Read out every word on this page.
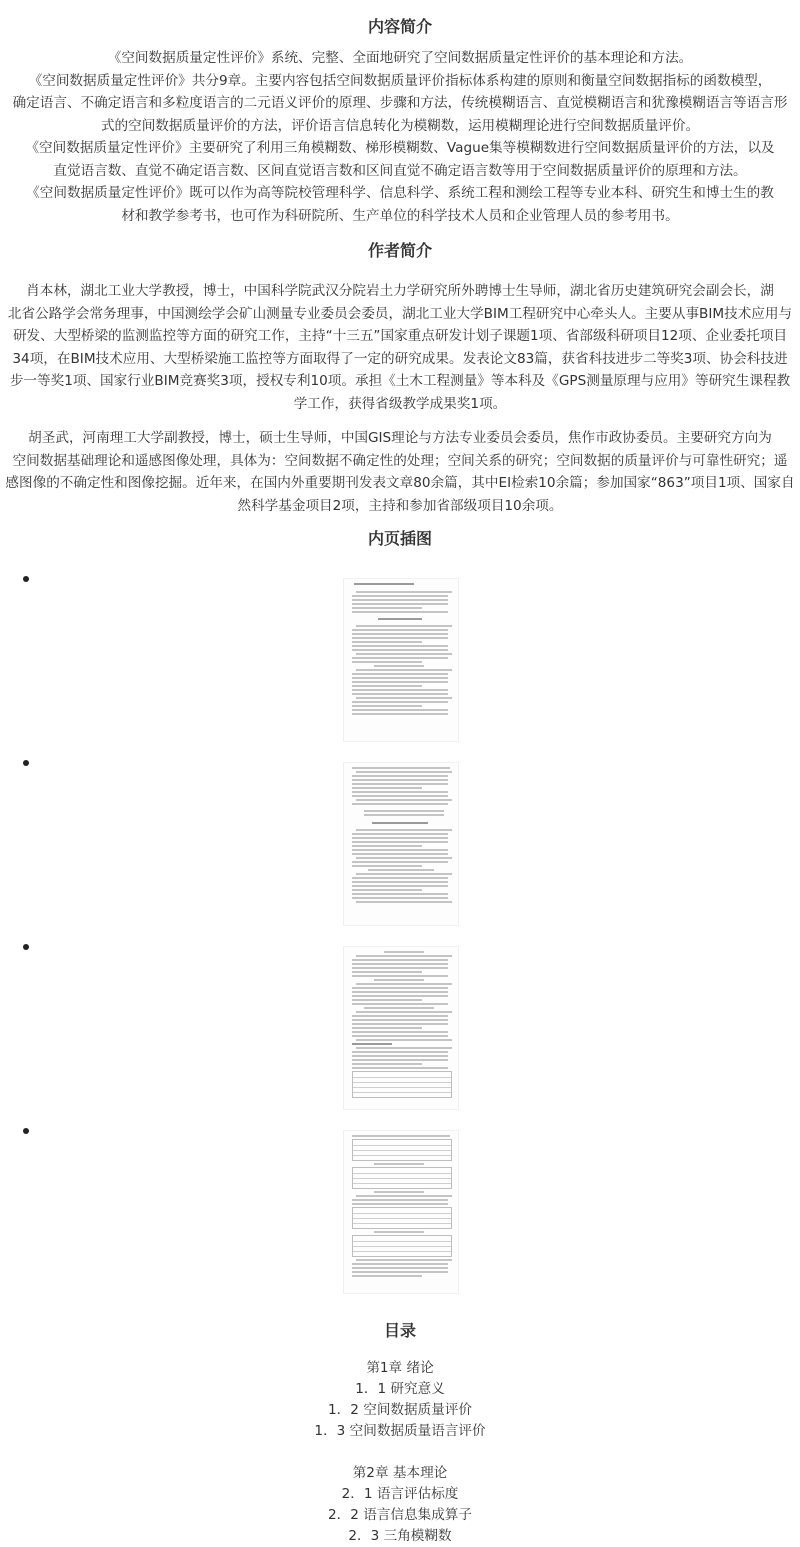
内容简介
《空间数据质量定性评价》系统、完整、全面地研究了空间数据质量定性评价的基本理论和方法。
《空间数据质量定性评价》共分9章。主要内容包括空间数据质量评价指标体系构建的原则和衡量空间数据指标的函数模型，
确定语言、不确定语言和多粒度语言的二元语义评价的原理、步骤和方法，传统模糊语言、直觉模糊语言和犹豫模糊语言等语言形
式的空间数据质量评价的方法，评价语言信息转化为模糊数，运用模糊理论进行空间数据质量评价。
《空间数据质量定性评价》主要研究了利用三角模糊数、梯形模糊数、Vague集等模糊数进行空间数据质量评价的方法，以及
直觉语言数、直觉不确定语言数、区间直觉语言数和区间直觉不确定语言数等用于空间数据质量评价的原理和方法。
《空间数据质量定性评价》既可以作为高等院校管理科学、信息科学、系统工程和测绘工程等专业本科、研究生和博士生的教
材和教学参考书，也可作为科研院所、生产单位的科学技术人员和企业管理人员的参考用书。
作者简介
肖本林，湖北工业大学教授，博士，中国科学院武汉分院岩土力学研究所外聘博士生导师，湖北省历史建筑研究会副会长，湖
北省公路学会常务理事，中国测绘学会矿山测量专业委员会委员，湖北工业大学BIM工程研究中心牵头人。主要从事BIM技术应用与
研发、大型桥梁的监测监控等方面的研究工作，主持“十三五”国家重点研发计划子课题1项、省部级科研项目12项、企业委托项目
34项，在BIM技术应用、大型桥梁施工监控等方面取得了一定的研究成果。发表论文83篇，获省科技进步二等奖3项、协会科技进
步一等奖1项、国家行业BIM竞赛奖3项，授权专利10项。承担《土木工程测量》等本科及《GPS测量原理与应用》等研究生课程教
学工作，获得省级教学成果奖1项。
胡圣武，河南理工大学副教授，博士，硕士生导师，中国GIS理论与方法专业委员会委员，焦作市政协委员。主要研究方向为
空间数据基础理论和遥感图像处理，具体为：空间数据不确定性的处理；空间关系的研究；空间数据的质量评价与可靠性研究；遥
感图像的不确定性和图像挖掘。近年来，在国内外重要期刊发表文章80余篇，其中EI检索10余篇；参加国家“863”项目1项、国家自
然科学基金项目2项，主持和参加省部级项目10余项。
内页插图
目录
第1章 绪论
1．1 研究意义
1．2 空间数据质量评价
1．3 空间数据质量语言评价
第2章 基本理论
2．1 语言评估标度
2．2 语言信息集成算子
2．3 三角模糊数
